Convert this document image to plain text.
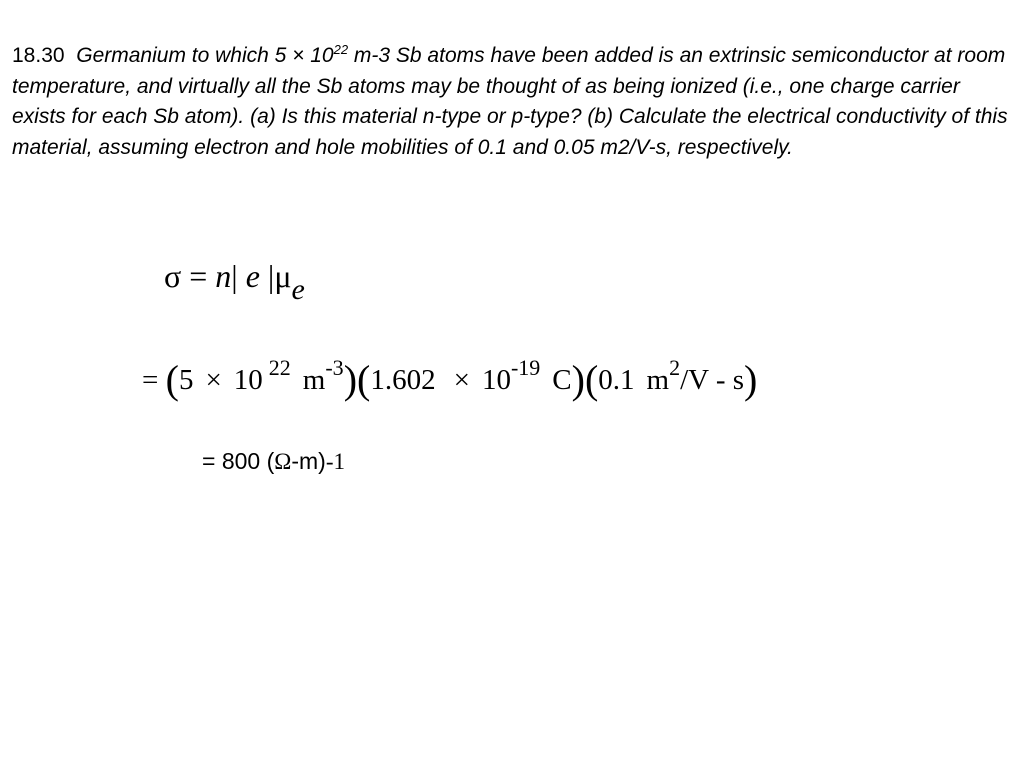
18.30 Germanium to which $5 \times 10^{22}$ m-3 Sb atoms have been added is an extrinsic semiconductor at room temperature, and virtually all the Sb atoms may be thought of as being ionized (i.e., one charge carrier exists for each Sb atom). (a) Is this material n-type or p-type? (b) Calculate the electrical conductivity of this material, assuming electron and hole mobilities of 0.1 and 0.05 m2/V-s, respectively.
σ = n| e |μe
= (5 × 10 $^{22}$ $m^{-3})(1.602 \times 10^{-19}$ C)(0.1 $m^2/V - s$)
= 800 (Ω-m)-1
